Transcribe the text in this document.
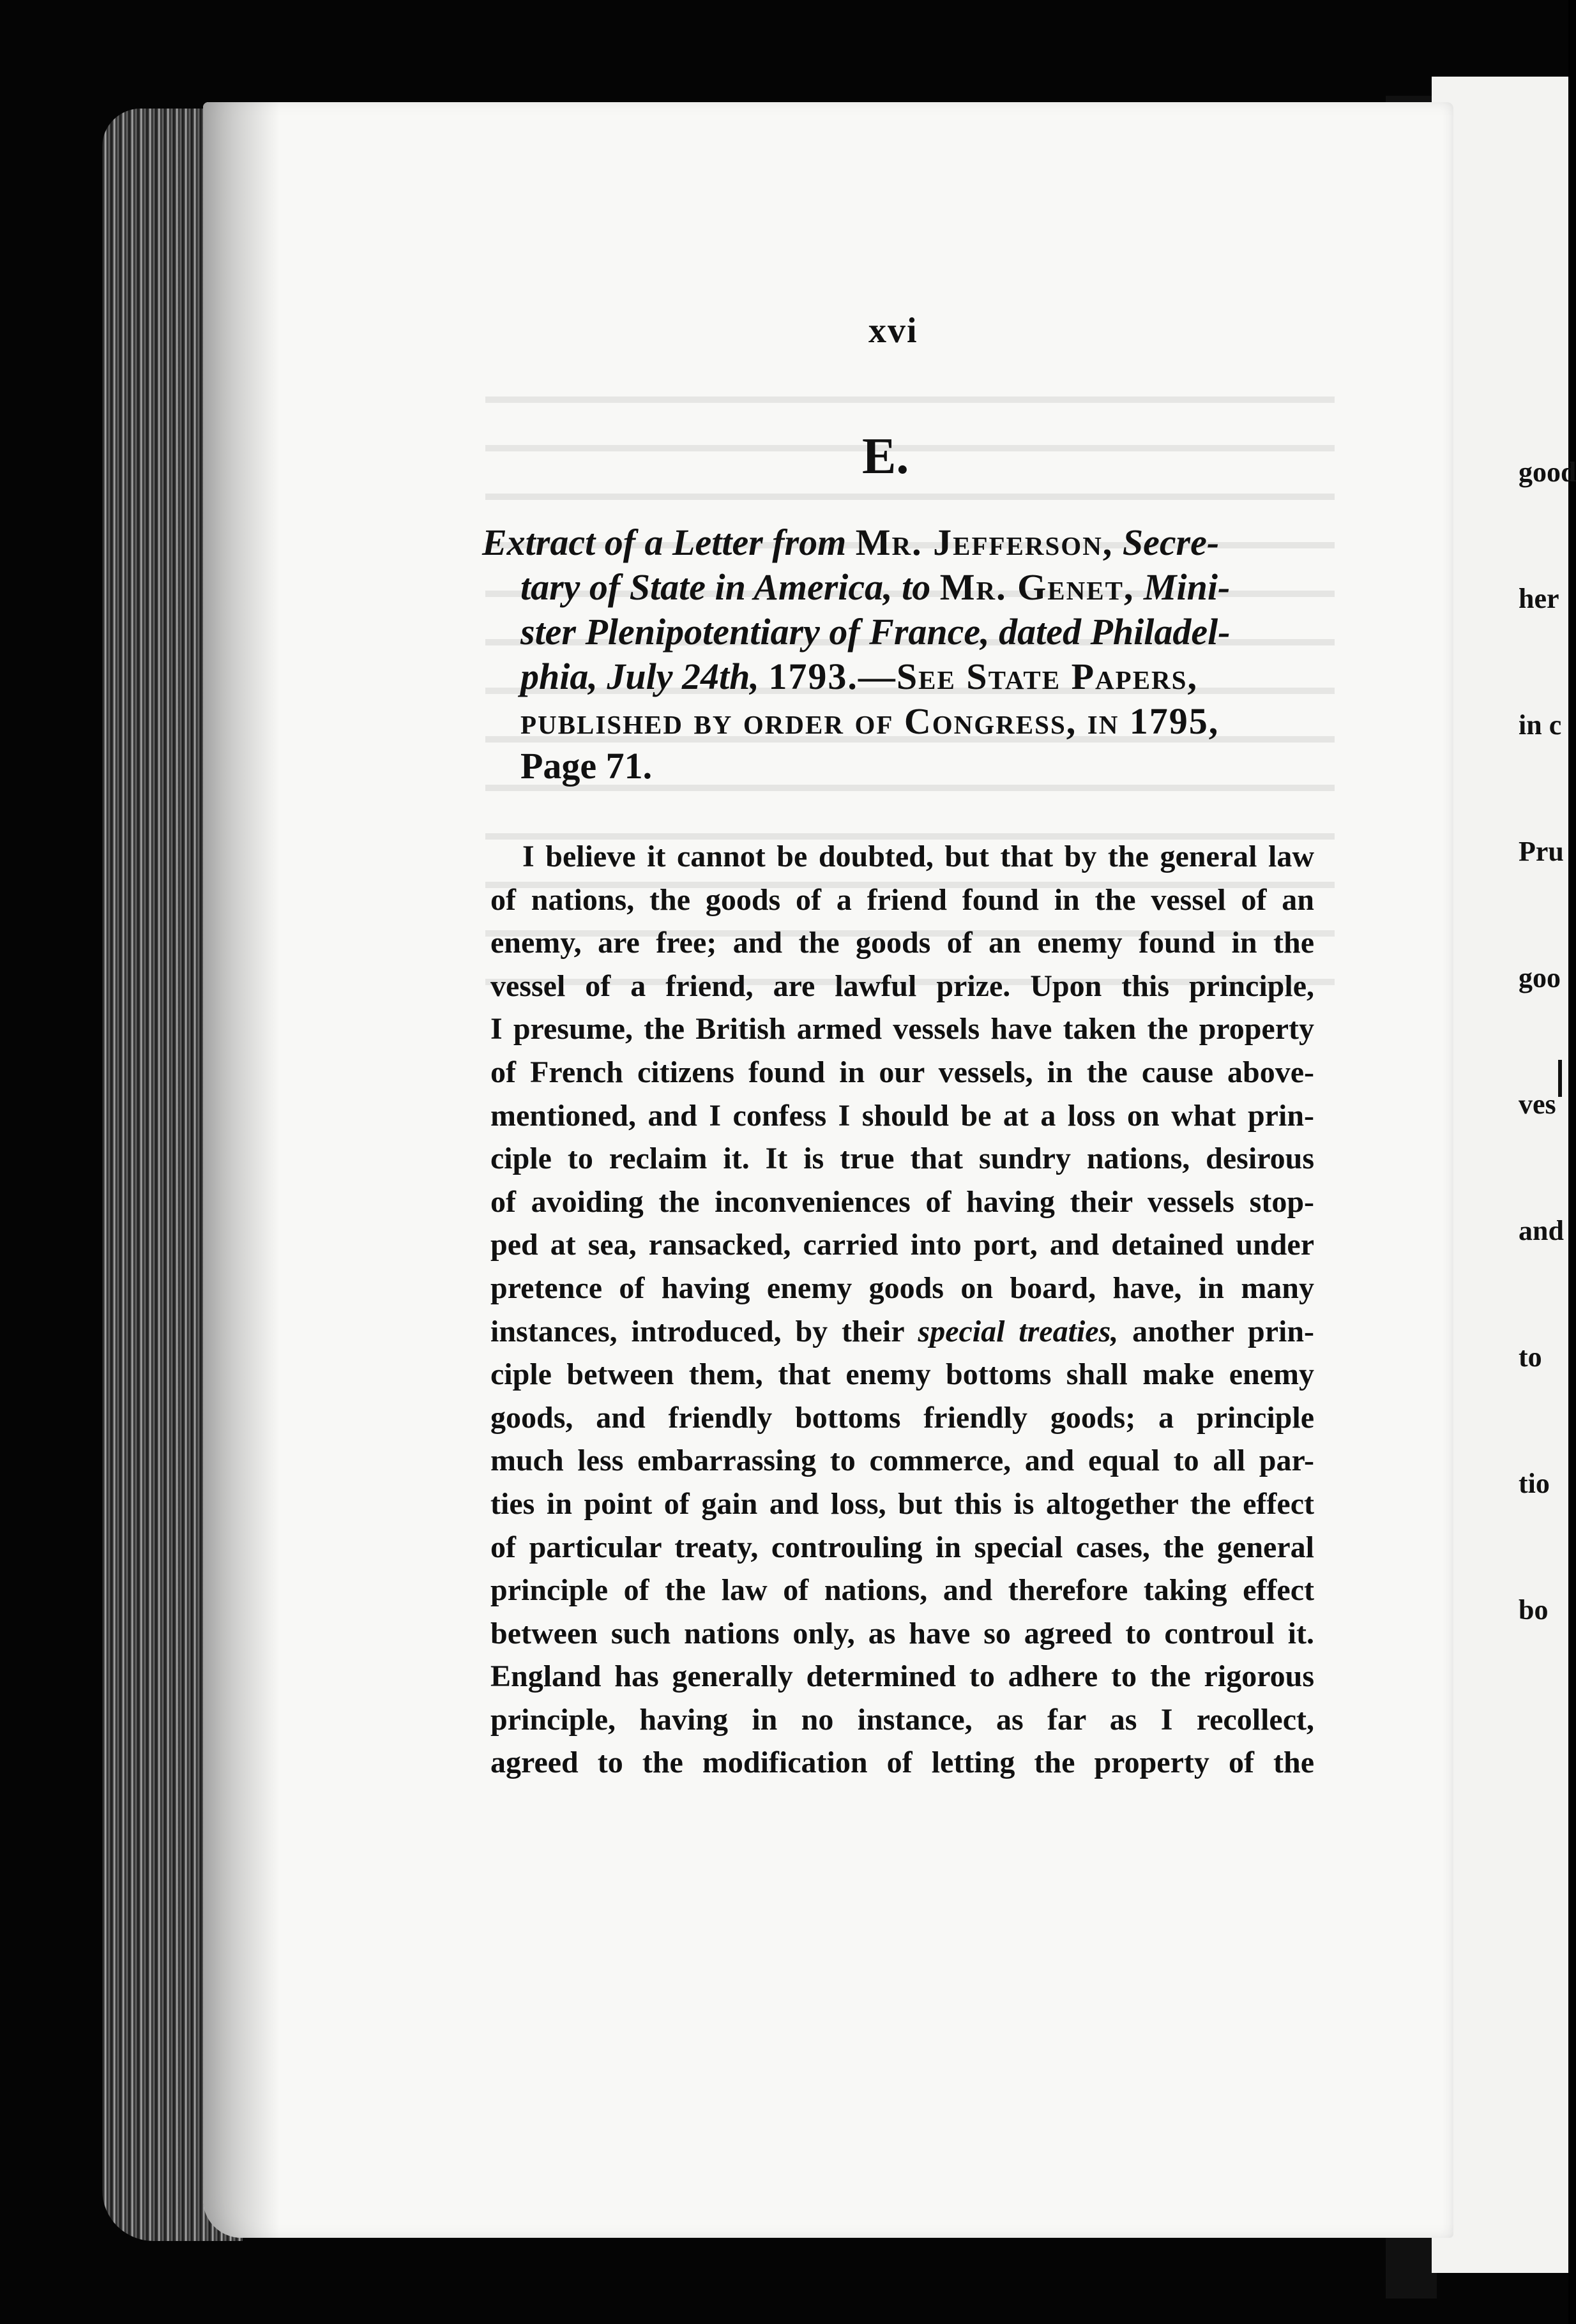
good

her

in c

Pru

goo

ves

and

to

tio

bo

xvi
E.
Extract of a Letter from Mr. Jefferson, Secre-
tary of State in America, to Mr. Genet, Mini-
ster Plenipotentiary of France, dated Philadel-
phia, July 24th, 1793.—See State Papers,
published by order of Congress, in 1795,
Page 71.
I believe it cannot be doubted, but that by the general law
of nations, the goods of a friend found in the vessel of an
enemy, are free; and the goods of an enemy found in the
vessel of a friend, are lawful prize. Upon this principle,
I presume, the British armed vessels have taken the property
of French citizens found in our vessels, in the cause above-
mentioned, and I confess I should be at a loss on what prin-
ciple to reclaim it. It is true that sundry nations, desirous
of avoiding the inconveniences of having their vessels stop-
ped at sea, ransacked, carried into port, and detained under
pretence of having enemy goods on board, have, in many
instances, introduced, by their special treaties, another prin-
ciple between them, that enemy bottoms shall make enemy
goods, and friendly bottoms friendly goods; a principle
much less embarrassing to commerce, and equal to all par-
ties in point of gain and loss, but this is altogether the effect
of particular treaty, controuling in special cases, the general
principle of the law of nations, and therefore taking effect
between such nations only, as have so agreed to controul it.
England has generally determined to adhere to the rigorous
principle, having in no instance, as far as I recollect,
agreed to the modification of letting the property of the
